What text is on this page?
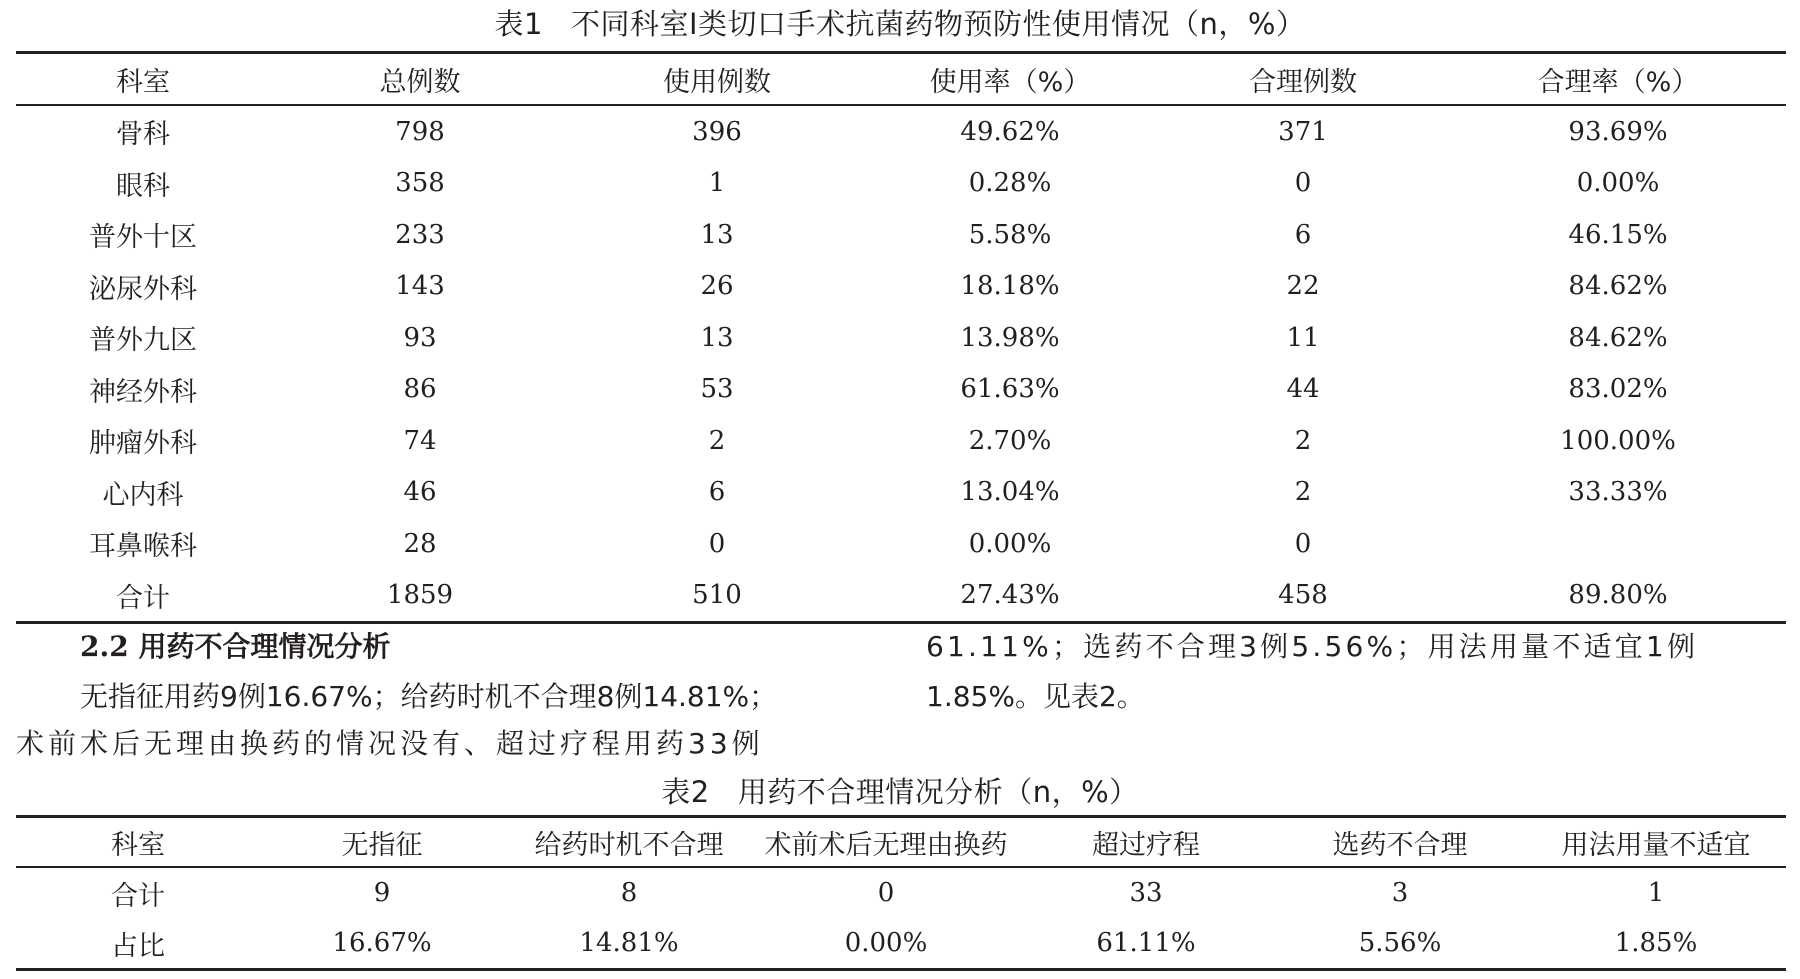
表1 不同科室Ⅰ类切口手术抗菌药物预防性使用情况（n，%）
科室	总例数	使用例数	使用率（%）	合理例数	合理率（%）
骨科	798	396	49.62%	371	93.69%
眼科	358	1	0.28%	0	0.00%
普外十区	233	13	5.58%	6	46.15%
泌尿外科	143	26	18.18%	22	84.62%
普外九区	93	13	13.98%	11	84.62%
神经外科	86	53	61.63%	44	83.02%
肿瘤外科	74	2	2.70%	2	100.00%
心内科	46	6	13.04%	2	33.33%
耳鼻喉科	28	0	0.00%	0	
合计	1859	510	27.43%	458	89.80%
2.2 用药不合理情况分析
无指征用药9例16.67%；给药时机不合理8例14.81%；
术前术后无理由换药的情况没有、超过疗程用药33例
61.11%；选药不合理3例5.56%；用法用量不适宜1例
1.85%。见表2。
表2 用药不合理情况分析（n，%）
科室	无指征	给药时机不合理	术前术后无理由换药	超过疗程	选药不合理	用法用量不适宜
合计	9	8	0	33	3	1
占比	16.67%	14.81%	0.00%	61.11%	5.56%	1.85%
